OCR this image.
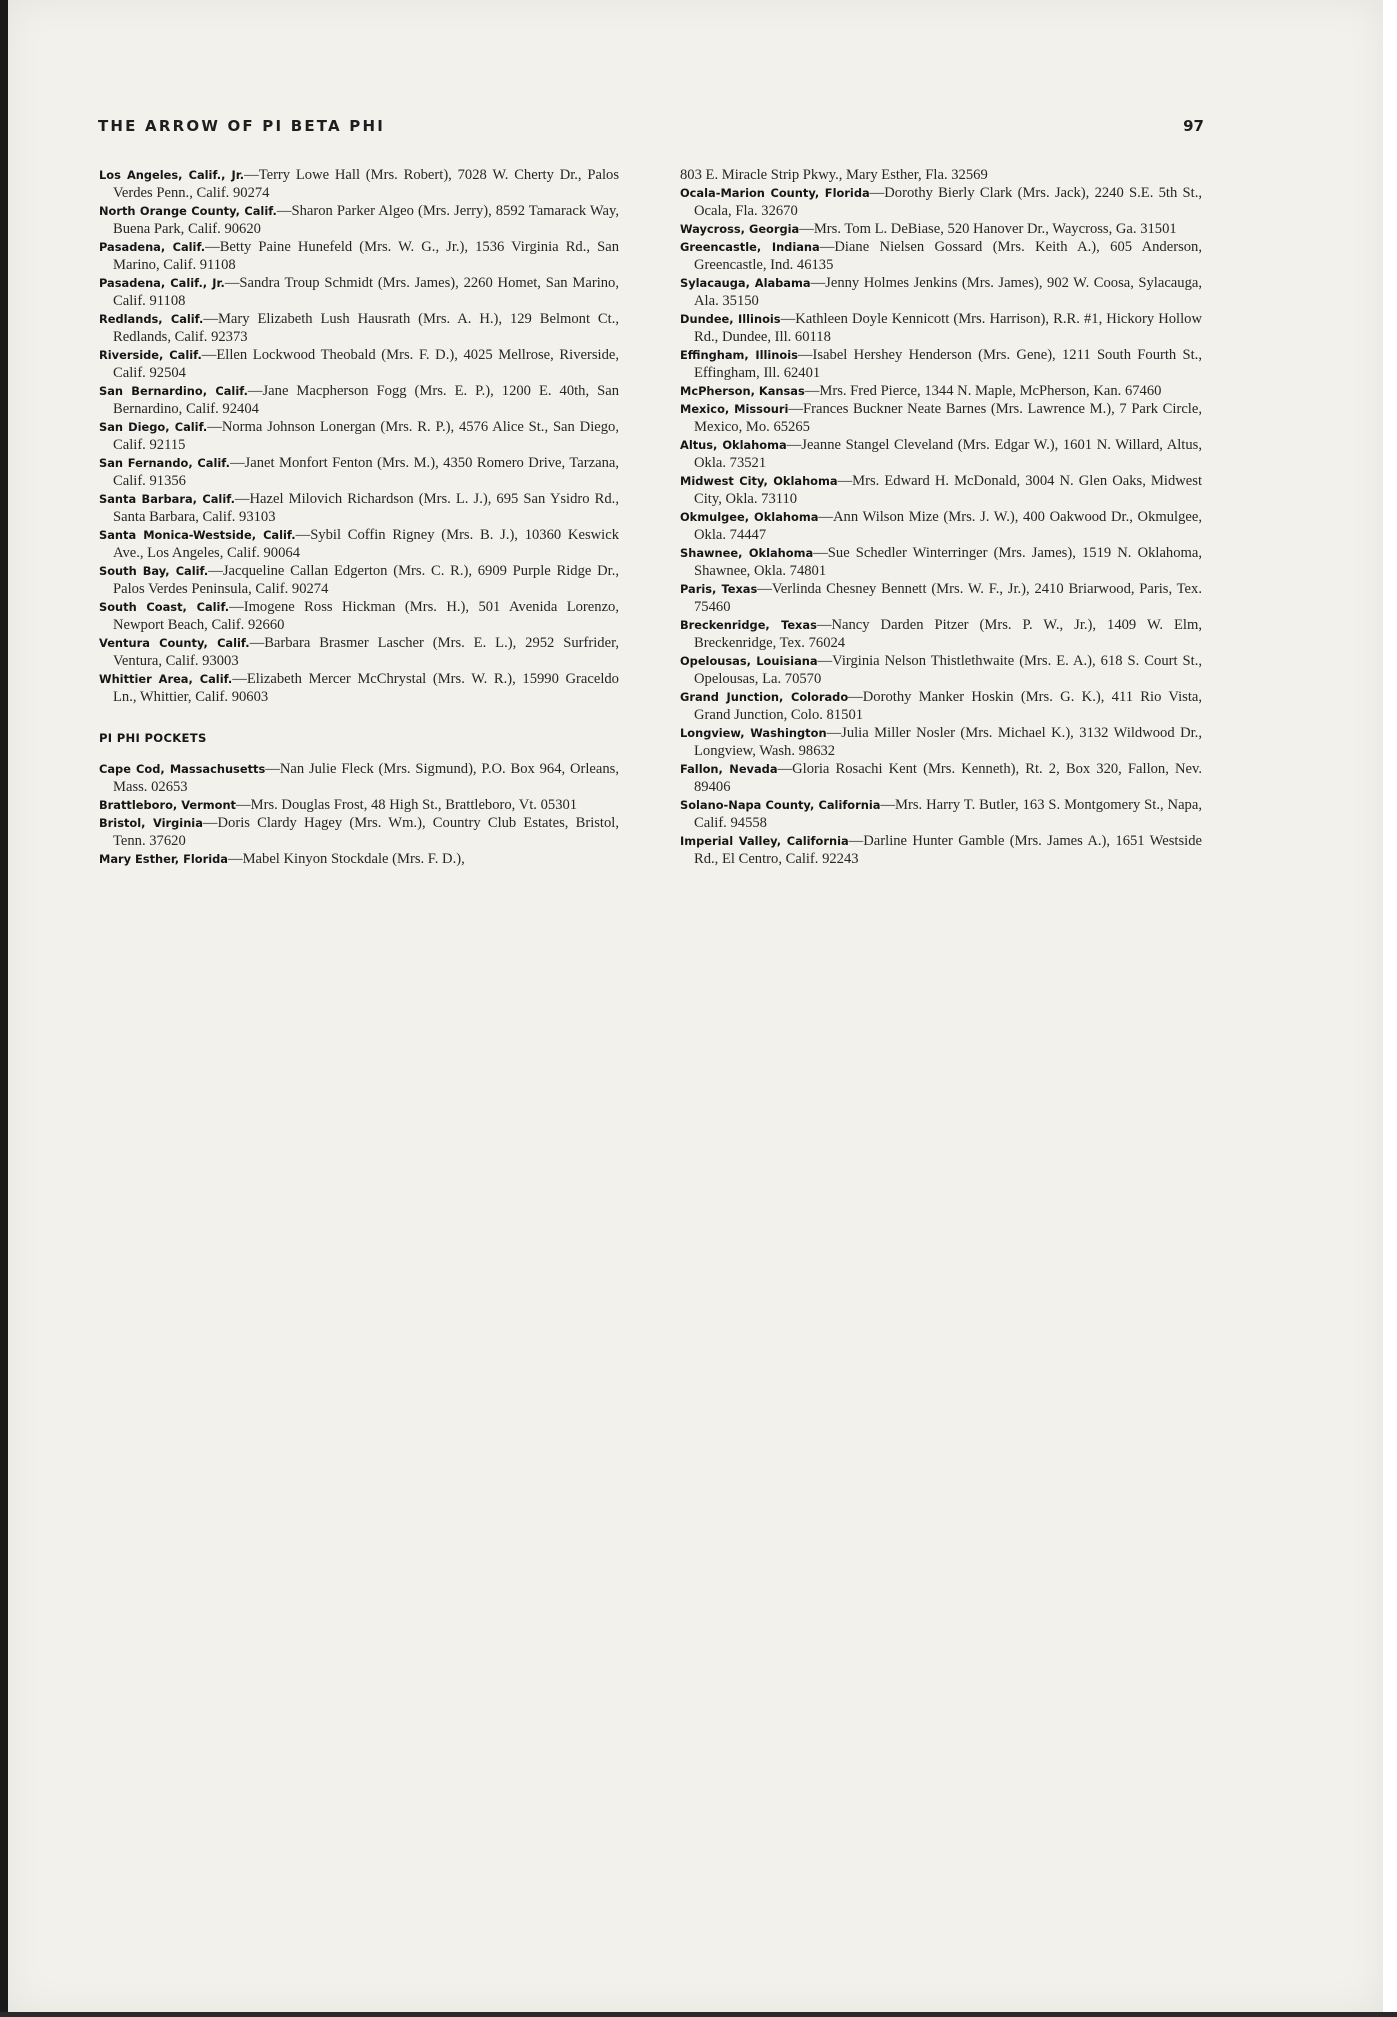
THE ARROW OF PI BETA PHI	97

Los Angeles, Calif., Jr.—Terry Lowe Hall (Mrs. Robert), 7028 W. Cherty Dr., Palos Verdes Penn., Calif. 90274

North Orange County, Calif.—Sharon Parker Algeo (Mrs. Jerry), 8592 Tamarack Way, Buena Park, Calif. 90620

Pasadena, Calif.—Betty Paine Hunefeld (Mrs. W. G., Jr.), 1536 Virginia Rd., San Marino, Calif. 91108

Pasadena, Calif., Jr.—Sandra Troup Schmidt (Mrs. James), 2260 Homet, San Marino, Calif. 91108

Redlands, Calif.—Mary Elizabeth Lush Hausrath (Mrs. A. H.), 129 Belmont Ct., Redlands, Calif. 92373

Riverside, Calif.—Ellen Lockwood Theobald (Mrs. F. D.), 4025 Mellrose, Riverside, Calif. 92504

San Bernardino, Calif.—Jane Macpherson Fogg (Mrs. E. P.), 1200 E. 40th, San Bernardino, Calif. 92404

San Diego, Calif.—Norma Johnson Lonergan (Mrs. R. P.), 4576 Alice St., San Diego, Calif. 92115

San Fernando, Calif.—Janet Monfort Fenton (Mrs. M.), 4350 Romero Drive, Tarzana, Calif. 91356

Santa Barbara, Calif.—Hazel Milovich Richardson (Mrs. L. J.), 695 San Ysidro Rd., Santa Barbara, Calif. 93103

Santa Monica-Westside, Calif.—Sybil Coffin Rigney (Mrs. B. J.), 10360 Keswick Ave., Los Angeles, Calif. 90064

South Bay, Calif.—Jacqueline Callan Edgerton (Mrs. C. R.), 6909 Purple Ridge Dr., Palos Verdes Peninsula, Calif. 90274

South Coast, Calif.—Imogene Ross Hickman (Mrs. H.), 501 Avenida Lorenzo, Newport Beach, Calif. 92660

Ventura County, Calif.—Barbara Brasmer Lascher (Mrs. E. L.), 2952 Surfrider, Ventura, Calif. 93003

Whittier Area, Calif.—Elizabeth Mercer McChrystal (Mrs. W. R.), 15990 Graceldo Ln., Whittier, Calif. 90603

PI PHI POCKETS

Cape Cod, Massachusetts—Nan Julie Fleck (Mrs. Sigmund), P.O. Box 964, Orleans, Mass. 02653

Brattleboro, Vermont—Mrs. Douglas Frost, 48 High St., Brattleboro, Vt. 05301

Bristol, Virginia—Doris Clardy Hagey (Mrs. Wm.), Country Club Estates, Bristol, Tenn. 37620

Mary Esther, Florida—Mabel Kinyon Stockdale (Mrs. F. D.),

803 E. Miracle Strip Pkwy., Mary Esther, Fla. 32569

Ocala-Marion County, Florida—Dorothy Bierly Clark (Mrs. Jack), 2240 S.E. 5th St., Ocala, Fla. 32670

Waycross, Georgia—Mrs. Tom L. DeBiase, 520 Hanover Dr., Waycross, Ga. 31501

Greencastle, Indiana—Diane Nielsen Gossard (Mrs. Keith A.), 605 Anderson, Greencastle, Ind. 46135

Sylacauga, Alabama—Jenny Holmes Jenkins (Mrs. James), 902 W. Coosa, Sylacauga, Ala. 35150

Dundee, Illinois—Kathleen Doyle Kennicott (Mrs. Harrison), R.R. #1, Hickory Hollow Rd., Dundee, Ill. 60118

Effingham, Illinois—Isabel Hershey Henderson (Mrs. Gene), 1211 South Fourth St., Effingham, Ill. 62401

McPherson, Kansas—Mrs. Fred Pierce, 1344 N. Maple, McPherson, Kan. 67460

Mexico, Missouri—Frances Buckner Neate Barnes (Mrs. Lawrence M.), 7 Park Circle, Mexico, Mo. 65265

Altus, Oklahoma—Jeanne Stangel Cleveland (Mrs. Edgar W.), 1601 N. Willard, Altus, Okla. 73521

Midwest City, Oklahoma—Mrs. Edward H. McDonald, 3004 N. Glen Oaks, Midwest City, Okla. 73110

Okmulgee, Oklahoma—Ann Wilson Mize (Mrs. J. W.), 400 Oakwood Dr., Okmulgee, Okla. 74447

Shawnee, Oklahoma—Sue Schedler Winterringer (Mrs. James), 1519 N. Oklahoma, Shawnee, Okla. 74801

Paris, Texas—Verlinda Chesney Bennett (Mrs. W. F., Jr.), 2410 Briarwood, Paris, Tex. 75460

Breckenridge, Texas—Nancy Darden Pitzer (Mrs. P. W., Jr.), 1409 W. Elm, Breckenridge, Tex. 76024

Opelousas, Louisiana—Virginia Nelson Thistlethwaite (Mrs. E. A.), 618 S. Court St., Opelousas, La. 70570

Grand Junction, Colorado—Dorothy Manker Hoskin (Mrs. G. K.), 411 Rio Vista, Grand Junction, Colo. 81501

Longview, Washington—Julia Miller Nosler (Mrs. Michael K.), 3132 Wildwood Dr., Longview, Wash. 98632

Fallon, Nevada—Gloria Rosachi Kent (Mrs. Kenneth), Rt. 2, Box 320, Fallon, Nev. 89406

Solano-Napa County, California—Mrs. Harry T. Butler, 163 S. Montgomery St., Napa, Calif. 94558

Imperial Valley, California—Darline Hunter Gamble (Mrs. James A.), 1651 Westside Rd., El Centro, Calif. 92243
